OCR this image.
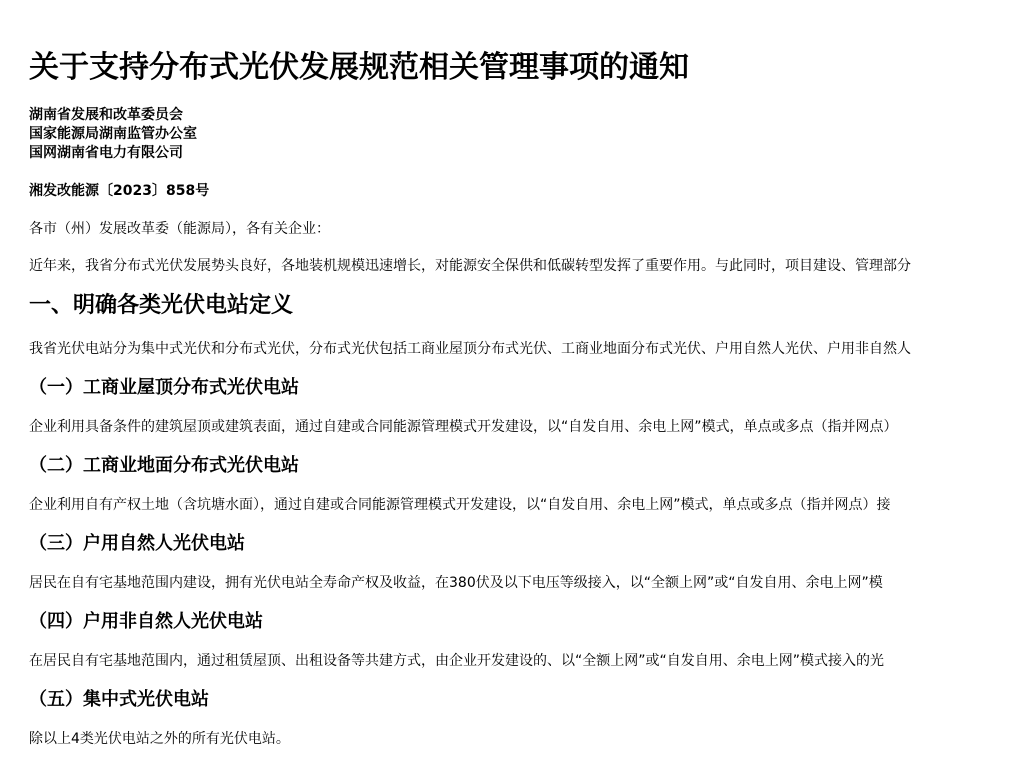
关于支持分布式光伏发展规范相关管理事项的通知
湖南省发展和改革委员会
国家能源局湖南监管办公室
国网湖南省电力有限公司
湘发改能源〔2023〕858号
各市（州）发展改革委（能源局），各有关企业：
近年来，我省分布式光伏发展势头良好，各地装机规模迅速增长，对能源安全保供和低碳转型发挥了重要作用。与此同时，项目建设、管理部分
一、明确各类光伏电站定义
我省光伏电站分为集中式光伏和分布式光伏，分布式光伏包括工商业屋顶分布式光伏、工商业地面分布式光伏、户用自然人光伏、户用非自然人
（一）工商业屋顶分布式光伏电站
企业利用具备条件的建筑屋顶或建筑表面，通过自建或合同能源管理模式开发建设，以“自发自用、余电上网”模式，单点或多点（指并网点）
（二）工商业地面分布式光伏电站
企业利用自有产权土地（含坑塘水面），通过自建或合同能源管理模式开发建设，以“自发自用、余电上网”模式，单点或多点（指并网点）接
（三）户用自然人光伏电站
居民在自有宅基地范围内建设，拥有光伏电站全寿命产权及收益，在380伏及以下电压等级接入，以“全额上网”或“自发自用、余电上网”模
（四）户用非自然人光伏电站
在居民自有宅基地范围内，通过租赁屋顶、出租设备等共建方式，由企业开发建设的、以“全额上网”或“自发自用、余电上网”模式接入的光
（五）集中式光伏电站
除以上4类光伏电站之外的所有光伏电站。
